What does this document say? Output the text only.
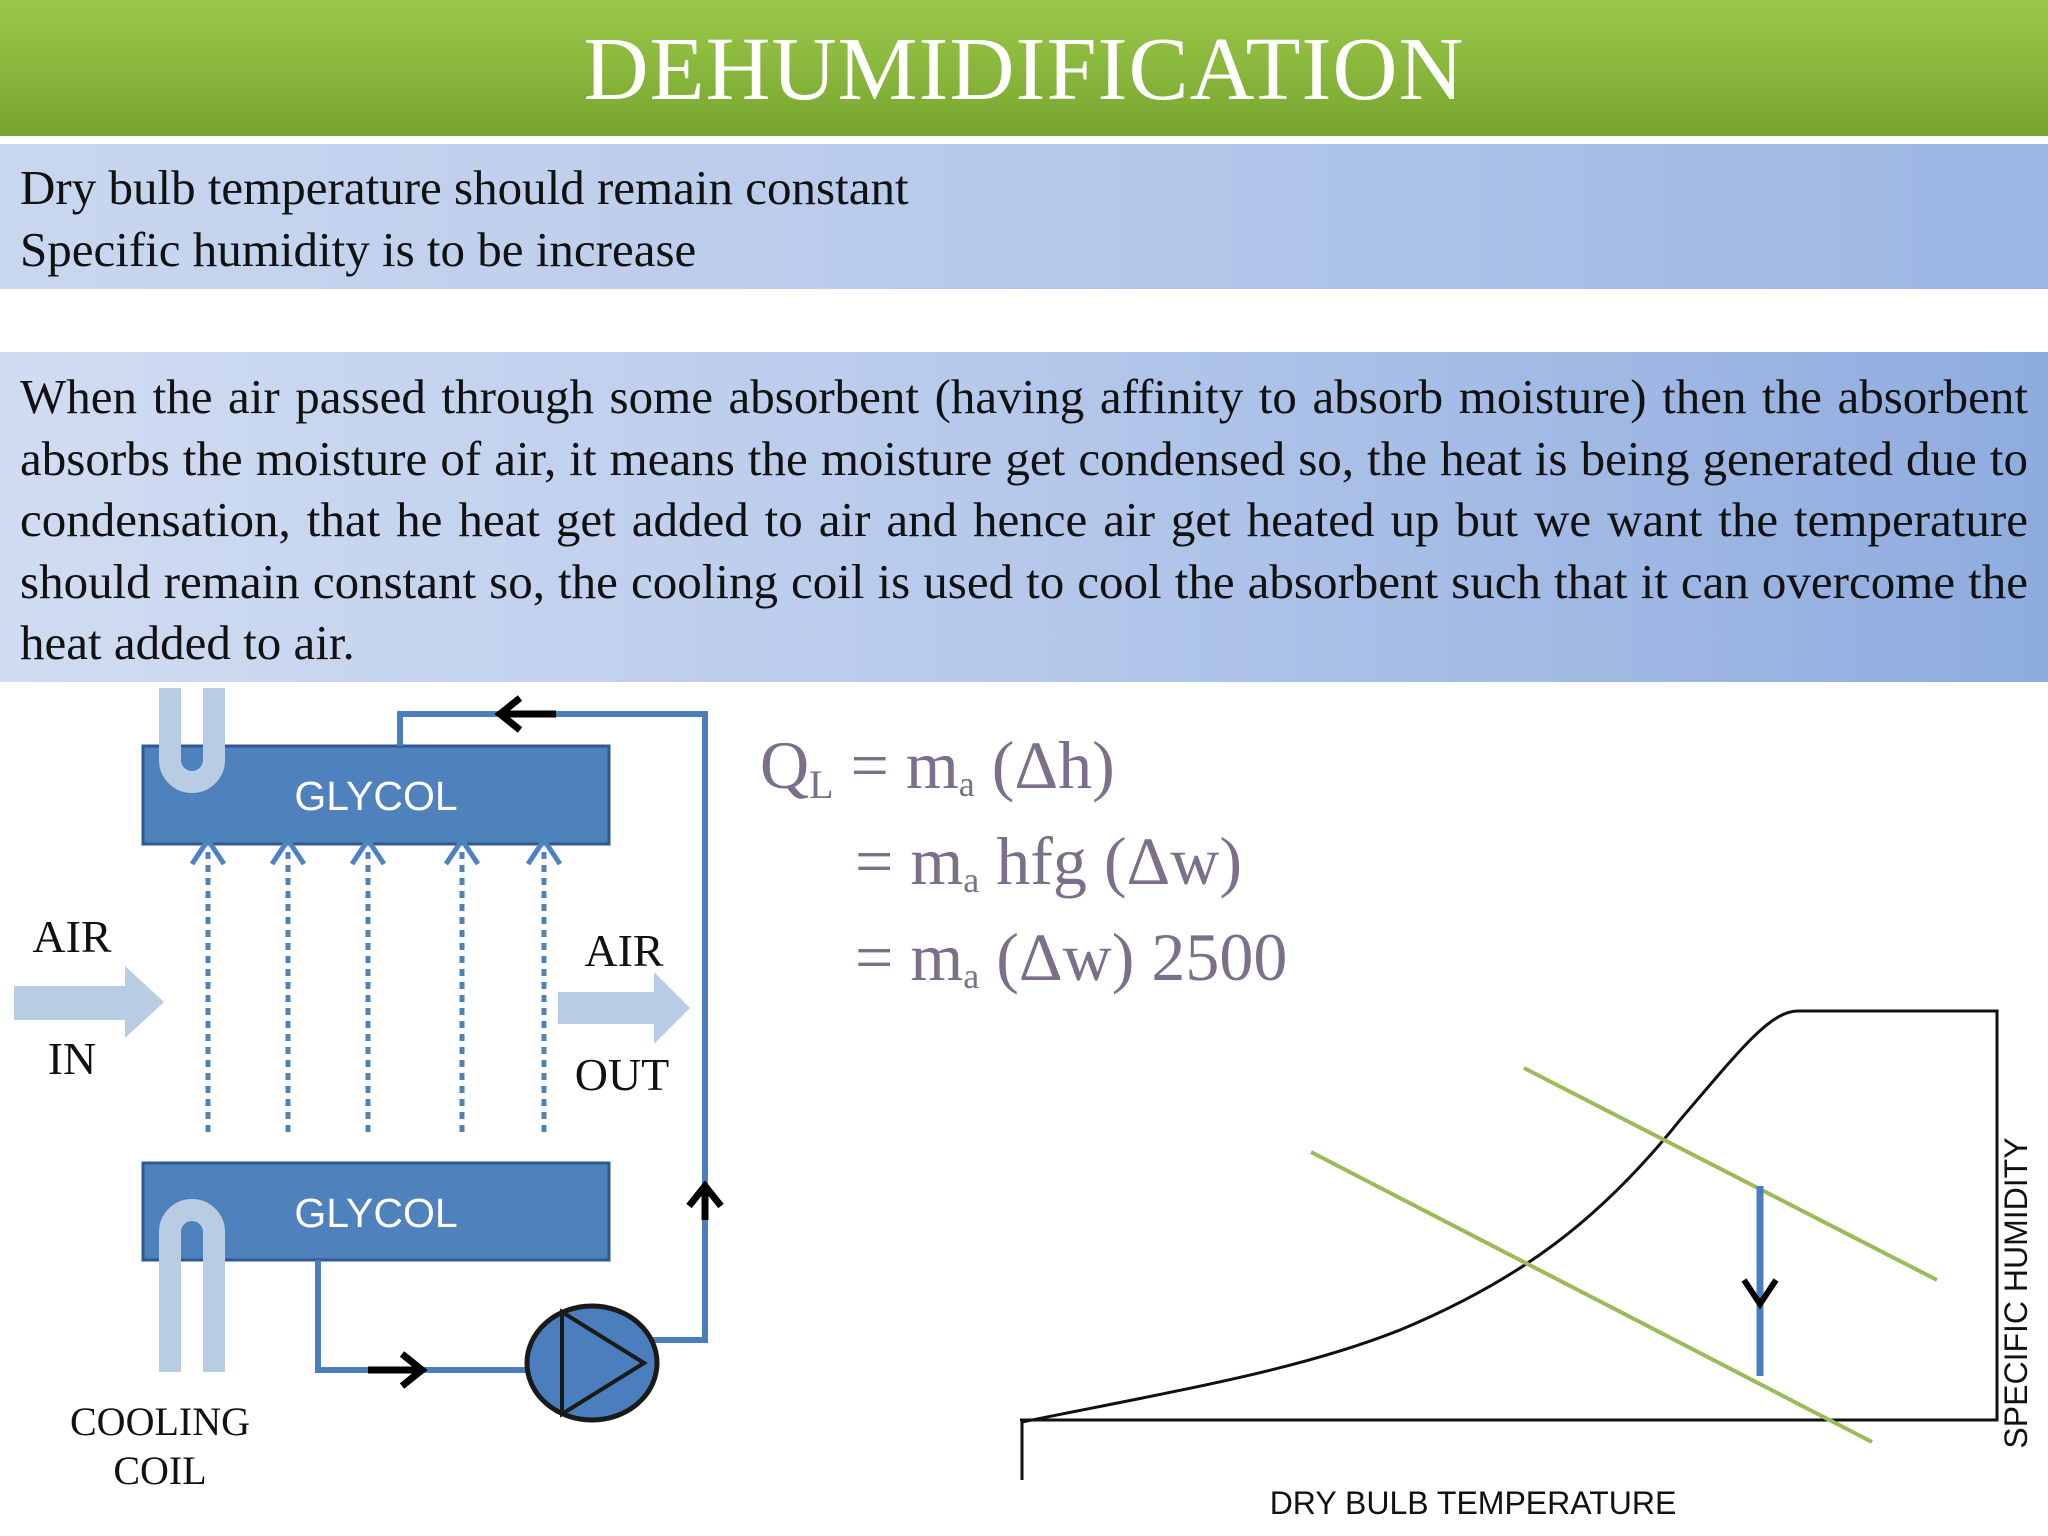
DEHUMIDIFICATION
Dry bulb temperature should remain constant
Specific humidity is to be increase
When the air passed through some absorbent (having affinity to absorb moisture) then the absorbent absorbs the moisture of air, it means the moisture get condensed so, the heat is being generated due to condensation, that he heat get added to air and hence air get heated up but we want the temperature should remain constant so, the cooling coil is used to cool the absorbent such that it can overcome the heat added to air.
GLYCOL
GLYCOL
AIR
IN
AIR
OUT
COOLING
COIL
QL = ma (Δh)
= ma hfg (Δw)
= ma (Δw) 2500
DRY BULB TEMPERATURE
SPECIFIC HUMIDITY
